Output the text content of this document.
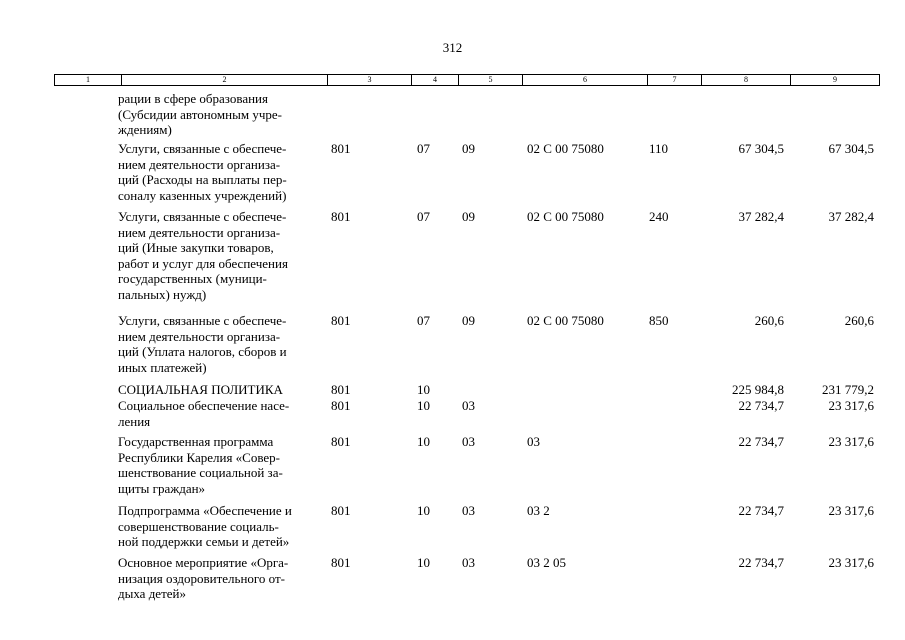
312
1	2	3	4	5	6	7	8	9
рации в сфере образования
(Субсидии автономным учре-
ждениям)
Услуги, связанные с обеспече-
нием деятельности организа-
ций (Расходы на выплаты пер-
соналу казенных учреждений)
801	07 09	02 С 00 75080	110	67 304,5	67 304,5
Услуги, связанные с обеспече-
нием деятельности организа-
ций (Иные закупки товаров,
работ и услуг для обеспечения
государственных (муници-
пальных) нужд)
801	07 09	02 С 00 75080	240	37 282,4	37 282,4
Услуги, связанные с обеспече-
нием деятельности организа-
ций (Уплата налогов, сборов и
иных платежей)
801	07 09	02 С 00 75080	850	260,6	260,6
СОЦИАЛЬНАЯ ПОЛИТИКА	801	10	225 984,8	231 779,2
Социальное обеспечение насе-
ления
801	10 03	22 734,7	23 317,6
Государственная программа
Республики Карелия «Совер-
шенствование социальной за-
щиты граждан»
801	10 03	03	22 734,7	23 317,6
Подпрограмма «Обеспечение и
совершенствование социаль-
ной поддержки семьи и детей»
801	10 03	03 2	22 734,7	23 317,6
Основное мероприятие «Орга-
низация оздоровительного от-
дыха детей»
801	10 03	03 2 05	22 734,7	23 317,6
